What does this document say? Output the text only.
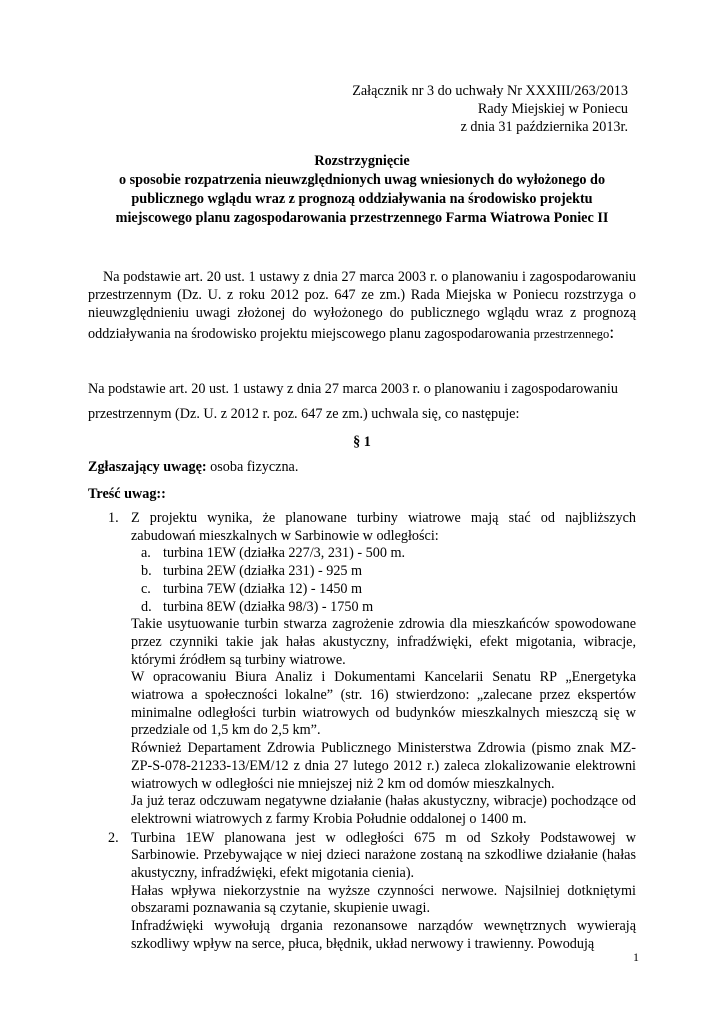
Załącznik nr 3 do uchwały Nr XXXIII/263/2013
Rady Miejskiej w Poniecu
z dnia 31 października 2013r.
Rozstrzygnięcie
o sposobie rozpatrzenia nieuwzględnionych uwag wniesionych do wyłożonego do
publicznego wglądu wraz z prognozą oddziaływania na środowisko projektu
miejscowego planu zagospodarowania przestrzennego Farma Wiatrowa Poniec II
Na podstawie art. 20 ust. 1 ustawy z dnia 27 marca 2003 r. o planowaniu i zagospodarowaniu przestrzennym (Dz. U. z roku 2012 poz. 647 ze zm.) Rada Miejska w Poniecu rozstrzyga o nieuwzględnieniu uwagi złożonej do wyłożonego do publicznego wglądu wraz z prognozą oddziaływania na środowisko projektu miejscowego planu zagospodarowania przestrzennego:
Na podstawie art. 20 ust. 1 ustawy z dnia 27 marca 2003 r. o planowaniu i zagospodarowaniu przestrzennym (Dz. U. z 2012 r. poz. 647 ze zm.) uchwala się, co następuje:
§ 1
Zgłaszający uwagę: osoba fizyczna.
Treść uwag::
1. Z projektu wynika, że planowane turbiny wiatrowe mają stać od najbliższych zabudowań mieszkalnych w Sarbinowie w odległości:
a. turbina 1EW (działka 227/3, 231) - 500 m.
b. turbina 2EW (działka 231) - 925 m
c. turbina 7EW (działka 12) - 1450 m
d. turbina 8EW (działka 98/3) - 1750 m
Takie usytuowanie turbin stwarza zagrożenie zdrowia dla mieszkańców spowodowane przez czynniki takie jak hałas akustyczny, infradźwięki, efekt migotania, wibracje, którymi źródłem są turbiny wiatrowe.
W opracowaniu Biura Analiz i Dokumentami Kancelarii Senatu RP „Energetyka wiatrowa a społeczności lokalne” (str. 16) stwierdzono: „zalecane przez ekspertów minimalne odległości turbin wiatrowych od budynków mieszkalnych mieszczą się w przedziale od 1,5 km do 2,5 km”.
Również Departament Zdrowia Publicznego Ministerstwa Zdrowia (pismo znak MZ-ZP-S-078-21233-13/EM/12 z dnia 27 lutego 2012 r.) zaleca zlokalizowanie elektrowni wiatrowych w odległości nie mniejszej niż 2 km od domów mieszkalnych.
Ja już teraz odczuwam negatywne działanie (hałas akustyczny, wibracje) pochodzące od elektrowni wiatrowych z farmy Krobia Południe oddalonej o 1400 m.
2. Turbina 1EW planowana jest w odległości 675 m od Szkoły Podstawowej w Sarbinowie. Przebywające w niej dzieci narażone zostaną na szkodliwe działanie (hałas akustyczny, infradźwięki, efekt migotania cienia).
Hałas wpływa niekorzystnie na wyższe czynności nerwowe. Najsilniej dotkniętymi obszarami poznawania są czytanie, skupienie uwagi.
Infradźwięki wywołują drgania rezonansowe narządów wewnętrznych wywierają szkodliwy wpływ na serce, płuca, błędnik, układ nerwowy i trawienny. Powodują
1
